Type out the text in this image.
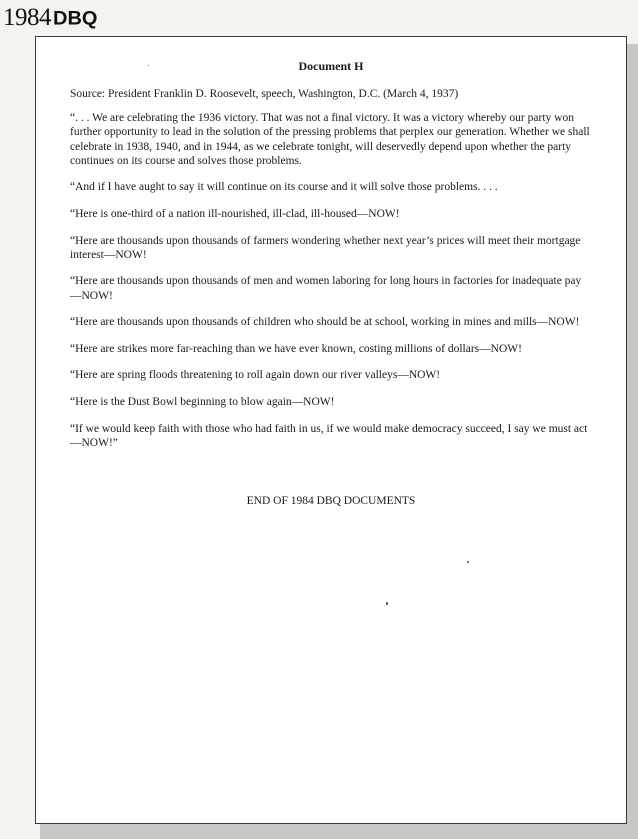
1984 DBQ
Document H

Source: President Franklin D. Roosevelt, speech, Washington, D.C. (March 4, 1937)

“. . . We are celebrating the 1936 victory. That was not a final victory. It was a victory whereby our party won further opportunity to lead in the solution of the pressing problems that perplex our generation. Whether we shall celebrate in 1938, 1940, and in 1944, as we celebrate tonight, will deservedly depend upon whether the party continues on its course and solves those problems.

“And if I have aught to say it will continue on its course and it will solve those problems. . . .

“Here is one-third of a nation ill-nourished, ill-clad, ill-housed—NOW!

“Here are thousands upon thousands of farmers wondering whether next year’s prices will meet their mortgage interest—NOW!

“Here are thousands upon thousands of men and women laboring for long hours in factories for inadequate pay—NOW!

“Here are thousands upon thousands of children who should be at school, working in mines and mills—NOW!

“Here are strikes more far-reaching than we have ever known, costing millions of dollars—NOW!

“Here are spring floods threatening to roll again down our river valleys—NOW!

“Here is the Dust Bowl beginning to blow again—NOW!

“If we would keep faith with those who had faith in us, if we would make democracy succeed, I say we must act—NOW!”

END OF 1984 DBQ DOCUMENTS
